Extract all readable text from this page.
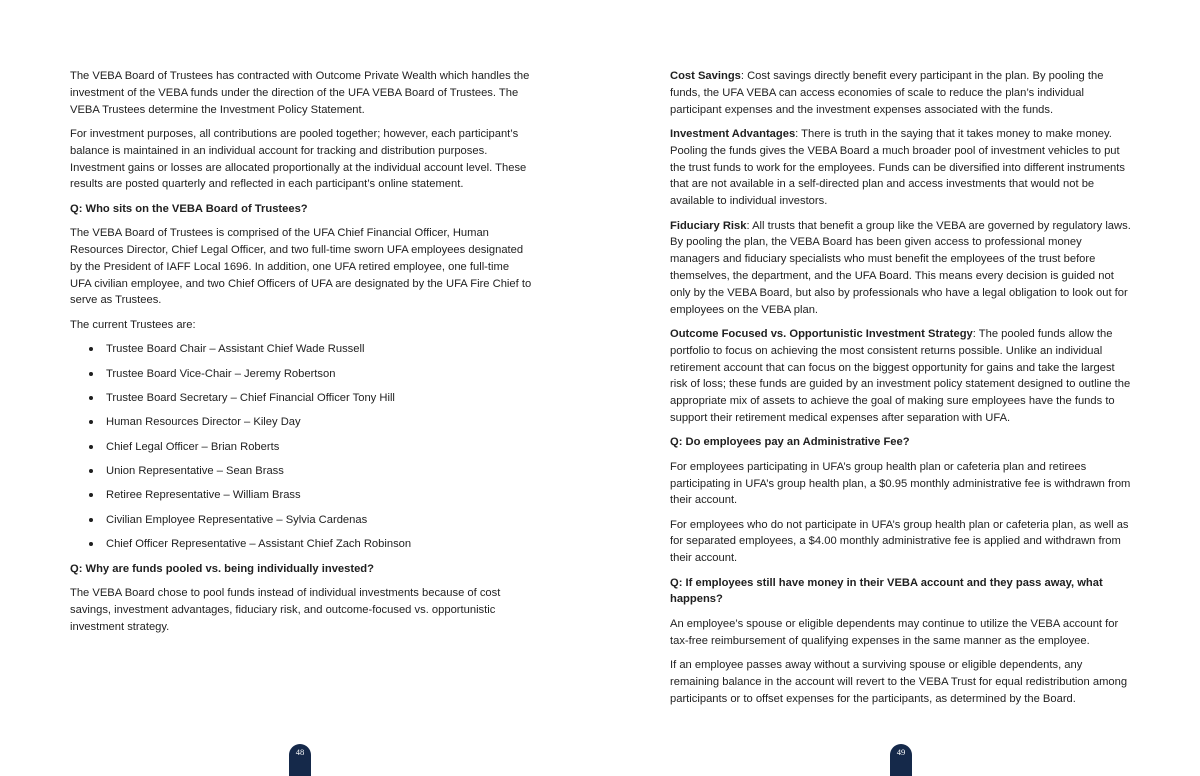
The VEBA Board of Trustees has contracted with Outcome Private Wealth which handles the investment of the VEBA funds under the direction of the UFA VEBA Board of Trustees. The VEBA Trustees determine the Investment Policy Statement.

For investment purposes, all contributions are pooled together; however, each participant’s balance is maintained in an individual account for tracking and distribution purposes. Investment gains or losses are allocated proportionally at the individual account level. These results are posted quarterly and reflected in each participant’s online statement.

Q: Who sits on the VEBA Board of Trustees?

The VEBA Board of Trustees is comprised of the UFA Chief Financial Officer, Human Resources Director, Chief Legal Officer, and two full-time sworn UFA employees designated by the President of IAFF Local 1696. In addition, one UFA retired employee, one full-time UFA civilian employee, and two Chief Officers of UFA are designated by the UFA Fire Chief to serve as Trustees.

The current Trustees are:

Trustee Board Chair – Assistant Chief Wade Russell
Trustee Board Vice-Chair – Jeremy Robertson
Trustee Board Secretary – Chief Financial Officer Tony Hill
Human Resources Director – Kiley Day
Chief Legal Officer – Brian Roberts
Union Representative – Sean Brass
Retiree Representative – William Brass
Civilian Employee Representative – Sylvia Cardenas
Chief Officer Representative – Assistant Chief Zach Robinson

Q: Why are funds pooled vs. being individually invested?

The VEBA Board chose to pool funds instead of individual investments because of cost savings, investment advantages, fiduciary risk, and outcome-focused vs. opportunistic investment strategy.

48

Cost Savings: Cost savings directly benefit every participant in the plan. By pooling the funds, the UFA VEBA can access economies of scale to reduce the plan’s individual participant expenses and the investment expenses associated with the funds.

Investment Advantages: There is truth in the saying that it takes money to make money. Pooling the funds gives the VEBA Board a much broader pool of investment vehicles to put the trust funds to work for the employees. Funds can be diversified into different instruments that are not available in a self-directed plan and access investments that would not be available to individual investors.

Fiduciary Risk: All trusts that benefit a group like the VEBA are governed by regulatory laws. By pooling the plan, the VEBA Board has been given access to professional money managers and fiduciary specialists who must benefit the employees of the trust before themselves, the department, and the UFA Board. This means every decision is guided not only by the VEBA Board, but also by professionals who have a legal obligation to look out for employees on the VEBA plan.

Outcome Focused vs. Opportunistic Investment Strategy: The pooled funds allow the portfolio to focus on achieving the most consistent returns possible. Unlike an individual retirement account that can focus on the biggest opportunity for gains and take the largest risk of loss; these funds are guided by an investment policy statement designed to outline the appropriate mix of assets to achieve the goal of making sure employees have the funds to support their retirement medical expenses after separation with UFA.

Q: Do employees pay an Administrative Fee?

For employees participating in UFA’s group health plan or cafeteria plan and retirees participating in UFA’s group health plan, a $0.95 monthly administrative fee is withdrawn from their account.

For employees who do not participate in UFA’s group health plan or cafeteria plan, as well as for separated employees, a $4.00 monthly administrative fee is applied and withdrawn from their account.

Q: If employees still have money in their VEBA account and they pass away, what happens?

An employee’s spouse or eligible dependents may continue to utilize the VEBA account for tax-free reimbursement of qualifying expenses in the same manner as the employee.

If an employee passes away without a surviving spouse or eligible dependents, any remaining balance in the account will revert to the VEBA Trust for equal redistribution among participants or to offset expenses for the participants, as determined by the Board.

49
